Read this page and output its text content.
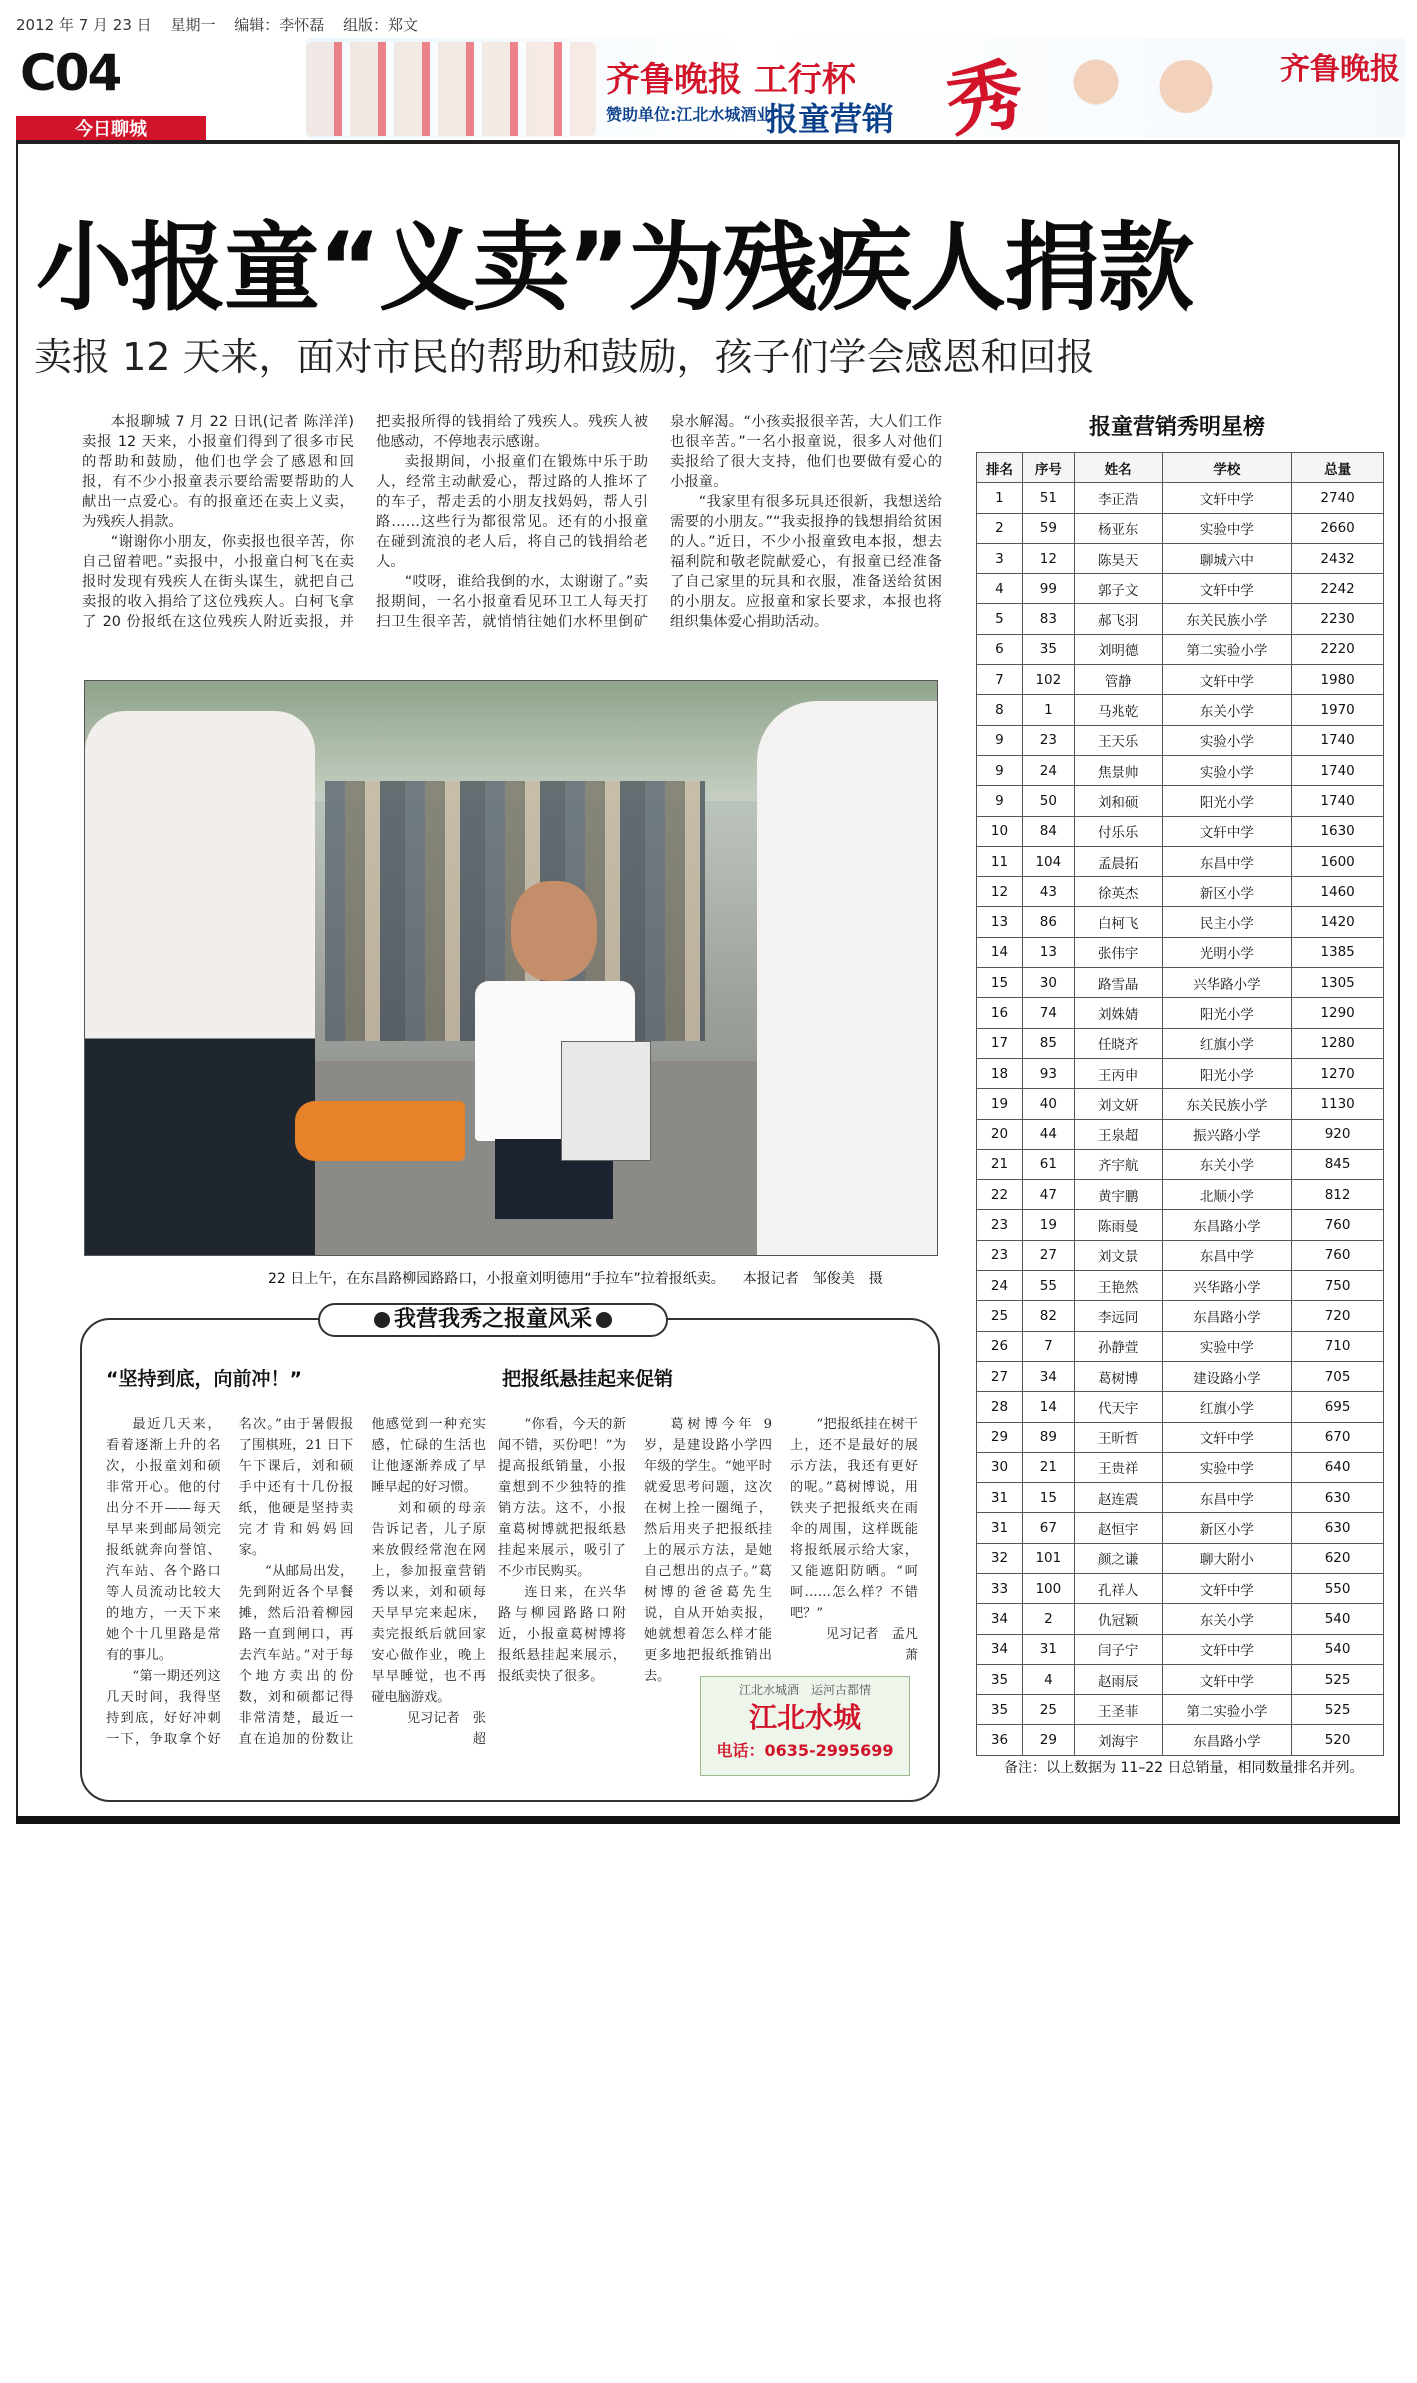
2012 年 7 月 23 日 星期一 编辑：李怀磊 组版：郑文
C04
今日聊城
齐鲁晚报 工行杯
赞助单位:江北水城酒业
报童营销 秀	齐鲁晚报
小报童“义卖”为残疾人捐款
卖报 12 天来，面对市民的帮助和鼓励，孩子们学会感恩和回报

本报聊城 7 月 22 日讯(记者 陈洋洋) 卖报 12 天来，小报童们得到了很多市民的帮助和鼓励，他们也学会了感恩和回报，有不少小报童表示要给需要帮助的人献出一点爱心。有的报童还在卖上义卖，为残疾人捐款。

“谢谢你小朋友，你卖报也很辛苦，你自己留着吧。”卖报中，小报童白柯飞在卖报时发现有残疾人在街头谋生，就把自己卖报的收入捐给了这位残疾人。白柯飞拿了 20 份报纸在这位残疾人附近卖报，并把卖报所得的钱捐给了残疾人。残疾人被他感动，不停地表示感谢。

卖报期间，小报童们在锻炼中乐于助人，经常主动献爱心，帮过路的人推坏了的车子，帮走丢的小朋友找妈妈，帮人引路……这些行为都很常见。还有的小报童在碰到流浪的老人后，将自己的钱捐给老人。

“哎呀，谁给我倒的水，太谢谢了。”卖报期间，一名小报童看见环卫工人每天打扫卫生很辛苦，就悄悄往她们水杯里倒矿泉水解渴。“小孩卖报很辛苦，大人们工作也很辛苦。”一名小报童说，很多人对他们卖报给了很大支持，他们也要做有爱心的小报童。

“我家里有很多玩具还很新，我想送给需要的小朋友。”“我卖报挣的钱想捐给贫困的人。”近日，不少小报童致电本报，想去福利院和敬老院献爱心，有报童已经准备了自己家里的玩具和衣服，准备送给贫困的小朋友。应报童和家长要求，本报也将组织集体爱心捐助活动。

22 日上午，在东昌路柳园路路口，小报童刘明德用“手拉车”拉着报纸卖。 本报记者　邹俊美　摄
我营我秀之报童风采
“坚持到底，向前冲！”

最近几天来，看着逐渐上升的名次，小报童刘和硕非常开心。他的付出分不开——每天早早来到邮局领完报纸就奔向誉馆、汽车站、各个路口等人员流动比较大的地方，一天下来她个十几里路是常有的事儿。

“第一期还列这几天时间，我得坚持到底，好好冲刺一下，争取拿个好名次。”由于暑假报了围棋班，21 日下午下课后，刘和硕手中还有十几份报纸，他硬是坚持卖完才肯和妈妈回家。

“从邮局出发，先到附近各个早餐摊，然后沿着柳园路一直到闸口，再去汽车站。”对于每个地方卖出的份数，刘和硕都记得非常清楚，最近一直在追加的份数让他感觉到一种充实感，忙碌的生活也让他逐渐养成了早睡早起的好习惯。

刘和硕的母亲告诉记者，儿子原来放假经常泡在网上，参加报童营销秀以来，刘和硕每天早早完来起床，卖完报纸后就回家安心做作业，晚上早早睡觉，也不再碰电脑游戏。

见习记者　张超

把报纸悬挂起来促销

“你看，今天的新闻不错，买份吧！”为提高报纸销量，小报童想到不少独特的推销方法。这不，小报童葛树博就把报纸悬挂起来展示，吸引了不少市民购买。

连日来，在兴华路与柳园路路口附近，小报童葛树博将报纸悬挂起来展示，报纸卖快了很多。

葛树博今年 9 岁，是建设路小学四年级的学生。“她平时就爱思考问题，这次在树上拴一圈绳子，然后用夹子把报纸挂上的展示方法，是她自己想出的点子。”葛树博的爸爸葛先生说，自从开始卖报，她就想着怎么样才能更多地把报纸推销出去。

“把报纸挂在树干上，还不是最好的展示方法，我还有更好的呢。”葛树博说，用铁夹子把报纸夹在雨伞的周围，这样既能将报纸展示给大家，又能遮阳防晒。“呵呵……怎么样？不错吧？”

见习记者　孟凡萧

江北水城酒　运河古都情
江北水城
电话：0635-2995699
报童营销秀明星榜
排名	序号	姓名	学校	总量
1	51	李正浩	文轩中学	2740
2	59	杨亚东	实验中学	2660
3	12	陈昊天	聊城六中	2432
4	99	郭子文	文轩中学	2242
5	83	郝飞羽	东关民族小学	2230
6	35	刘明德	第二实验小学	2220
7	102	管静	文轩中学	1980
8	1	马兆乾	东关小学	1970
9	23	王天乐	实验小学	1740
9	24	焦景帅	实验小学	1740
9	50	刘和硕	阳光小学	1740
10	84	付乐乐	文轩中学	1630
11	104	孟晨拓	东昌中学	1600
12	43	徐英杰	新区小学	1460
13	86	白柯飞	民主小学	1420
14	13	张伟宇	光明小学	1385
15	30	路雪晶	兴华路小学	1305
16	74	刘姝婧	阳光小学	1290
17	85	任晓齐	红旗小学	1280
18	93	王丙申	阳光小学	1270
19	40	刘文妍	东关民族小学	1130
20	44	王泉超	振兴路小学	920
21	61	齐宇航	东关小学	845
22	47	黄宇鹏	北顺小学	812
23	19	陈雨曼	东昌路小学	760
23	27	刘文景	东昌中学	760
24	55	王艳然	兴华路小学	750
25	82	李远同	东昌路小学	720
26	7	孙静萱	实验中学	710
27	34	葛树博	建设路小学	705
28	14	代天宇	红旗小学	695
29	89	王昕哲	文轩中学	670
30	21	王贵祥	实验中学	640
31	15	赵连震	东昌中学	630
31	67	赵恒宇	新区小学	630
32	101	颜之谦	聊大附小	620
33	100	孔祥人	文轩中学	550
34	2	仇冠颖	东关小学	540
34	31	闫子宁	文轩中学	540
35	4	赵雨辰	文轩中学	525
35	25	王圣菲	第二实验小学	525
36	29	刘海宇	东昌路小学	520
备注：以上数据为 11–22 日总销量，相同数量排名并列。
